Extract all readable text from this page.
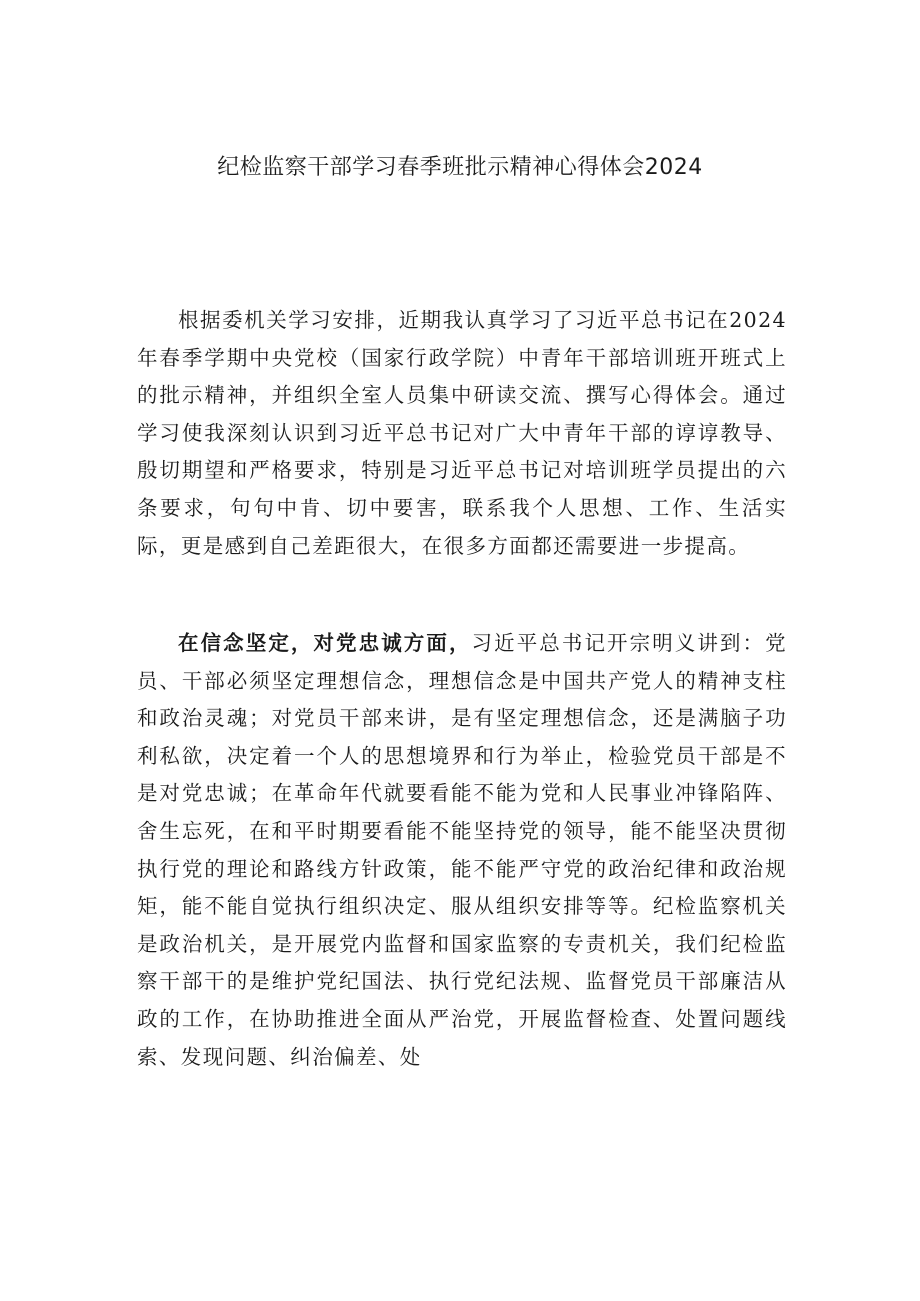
纪检监察干部学习春季班批示精神心得体会2024

根据委机关学习安排，近期我认真学习了习近平总书记在2024年春季学期中央党校（国家行政学院）中青年干部培训班开班式上的批示精神，并组织全室人员集中研读交流、撰写心得体会。通过学习使我深刻认识到习近平总书记对广大中青年干部的谆谆教导、殷切期望和严格要求，特别是习近平总书记对培训班学员提出的六条要求，句句中肯、切中要害，联系我个人思想、工作、生活实际，更是感到自己差距很大，在很多方面都还需要进一步提高。

在信念坚定，对党忠诚方面，习近平总书记开宗明义讲到：党员、干部必须坚定理想信念，理想信念是中国共产党人的精神支柱和政治灵魂；对党员干部来讲，是有坚定理想信念，还是满脑子功利私欲，决定着一个人的思想境界和行为举止，检验党员干部是不是对党忠诚；在革命年代就要看能不能为党和人民事业冲锋陷阵、舍生忘死，在和平时期要看能不能坚持党的领导，能不能坚决贯彻执行党的理论和路线方针政策，能不能严守党的政治纪律和政治规矩，能不能自觉执行组织决定、服从组织安排等等。纪检监察机关是政治机关，是开展党内监督和国家监察的专责机关，我们纪检监察干部干的是维护党纪国法、执行党纪法规、监督党员干部廉洁从政的工作，在协助推进全面从严治党，开展监督检查、处置问题线索、发现问题、纠治偏差、处
